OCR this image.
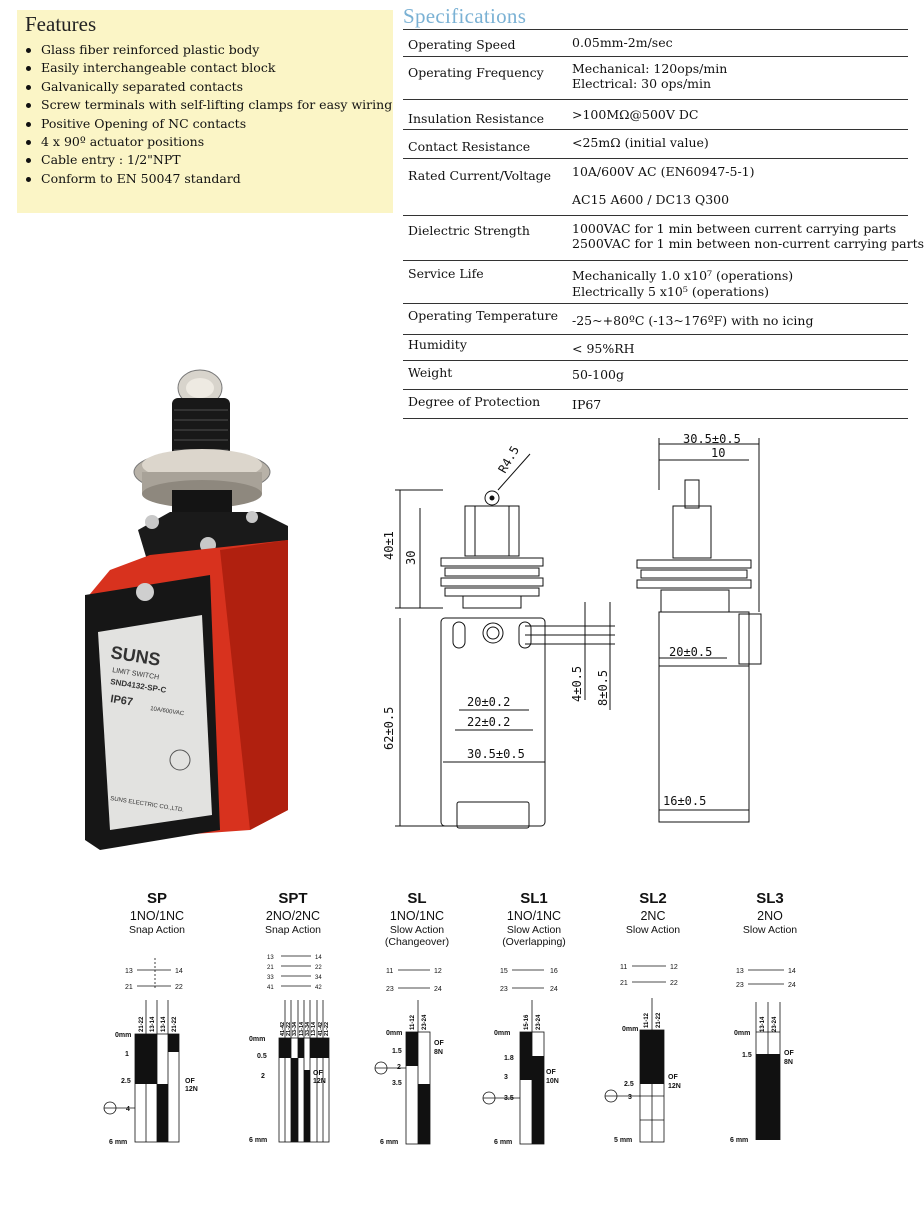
Features
Glass fiber reinforced plastic body
Easily interchangeable contact block
Galvanically separated contacts
Screw terminals with self-lifting clamps for easy wiring
Positive Opening of NC contacts
4 x 90º actuator positions
Cable entry : 1/2"NPT
Conform to EN 50047 standard
Specifications
Operating Speed	0.05mm-2m/sec
Operating Frequency Mechanical: 120ops/min
Electrical: 30 ops/min
Insulation Resistance >100MΩ@500V DC
Contact Resistance	<25mΩ (initial value)
Rated Current/Voltage 10A/600V AC (EN60947-5-1)
AC15 A600 / DC13 Q300
Dielectric Strength	1000VAC for 1 min between current carrying parts
2500VAC for 1 min between non-current carrying parts
Service Life	Mechanically 1.0 x10⁷ (operations)
Electrically 5 x10⁵ (operations)
Operating Temperature -25~+80ºC (-13~176ºF) with no icing
Humidity	< 95%RH
Weight	50-100g
Degree of Protection	IP67
SUNS
LIMIT SWITCH
SND4132-SP-C
IP67
10A/600VAC
SUNS ELECTRIC CO.,LTD.
40±1 30
62±0.5
20±0.2
22±0.2
30.5±0.5
R4.5
4±0.5 8±0.5
30.5±0.5
10
20±0.5
16±0.5
SP
1NO/1NC
Snap Action
SPT
2NO/2NC
Snap Action
SL
1NO/1NC
Slow Action
(Changeover)
SL1
1NO/1NC
Slow Action
(Overlapping)
SL2
2NC
Slow Action
SL3
2NO
Slow Action
13	14
21	22
0mm
1
2.5
4
6 mm
OF
12N
13	14
21	22
33	34
41	42
0mm
0.5
2
6 mm
OF
12N
11	12
23	24
0mm
1.5
2
3.5
6 mm
OF
8N
15	16
23	24
0mm
1.8
3
3.5
6 mm
OF
10N
11	12
21	22
0mm
2.5
3
5 mm
OF
12N
13	14
23	24
0mm
1.5
6 mm
OF
8N
21-22 13-14 13-14 21-22	41-42 21-22 33-34 13-14 33-34 13-14 41-42 21-22	11-12 23-24	15-16 23-24	11-12 21-22	13-14 23-24
